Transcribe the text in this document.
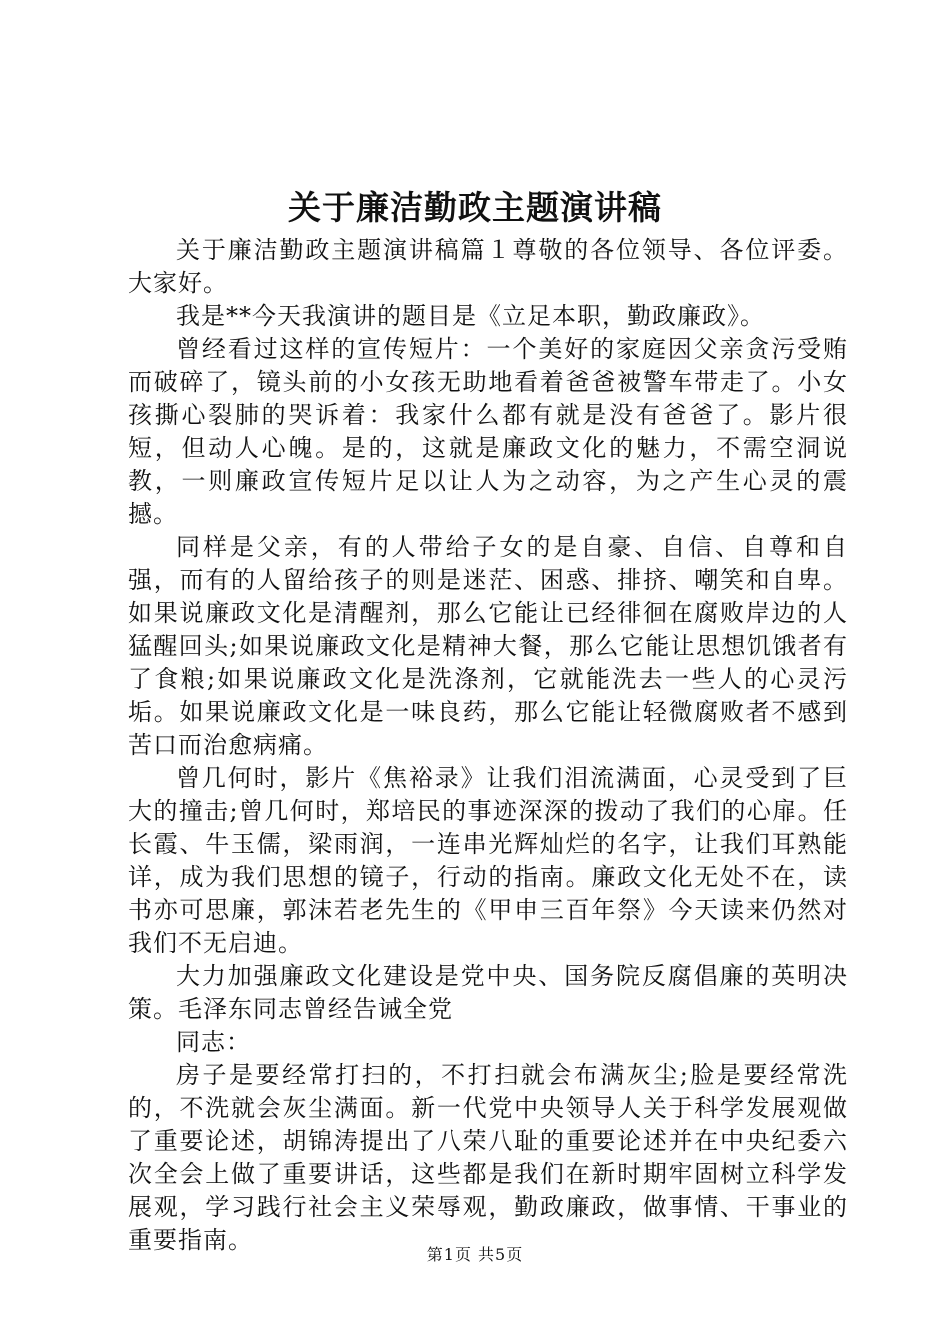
关于廉洁勤政主题演讲稿

关于廉洁勤政主题演讲稿篇１尊敬的各位领导、各位评委。大家好。

我是**今天我演讲的题目是《立足本职，勤政廉政》。

曾经看过这样的宣传短片：一个美好的家庭因父亲贪污受贿而破碎了，镜头前的小女孩无助地看着爸爸被警车带走了。小女孩撕心裂肺的哭诉着：我家什么都有就是没有爸爸了。影片很短，但动人心魄。是的，这就是廉政文化的魅力，不需空洞说教，一则廉政宣传短片足以让人为之动容，为之产生心灵的震撼。

同样是父亲，有的人带给子女的是自豪、自信、自尊和自强，而有的人留给孩子的则是迷茫、困惑、排挤、嘲笑和自卑。如果说廉政文化是清醒剂，那么它能让已经徘徊在腐败岸边的人猛醒回头;如果说廉政文化是精神大餐，那么它能让思想饥饿者有了食粮;如果说廉政文化是洗涤剂，它就能洗去一些人的心灵污垢。如果说廉政文化是一味良药，那么它能让轻微腐败者不感到苦口而治愈病痛。

曾几何时，影片《焦裕录》让我们泪流满面，心灵受到了巨大的撞击;曾几何时，郑培民的事迹深深的拨动了我们的心扉。任长霞、牛玉儒，梁雨润，一连串光辉灿烂的名字，让我们耳熟能详，成为我们思想的镜子，行动的指南。廉政文化无处不在，读书亦可思廉，郭沫若老先生的《甲申三百年祭》今天读来仍然对我们不无启迪。

大力加强廉政文化建设是党中央、国务院反腐倡廉的英明决策。毛泽东同志曾经告诫全党

同志：

房子是要经常打扫的，不打扫就会布满灰尘;脸是要经常洗的，不洗就会灰尘满面。新一代党中央领导人关于科学发展观做了重要论述，胡锦涛提出了八荣八耻的重要论述并在中央纪委六次全会上做了重要讲话，这些都是我们在新时期牢固树立科学发展观，学习践行社会主义荣辱观，勤政廉政，做事情、干事业的重要指南。

第1页 共5页
